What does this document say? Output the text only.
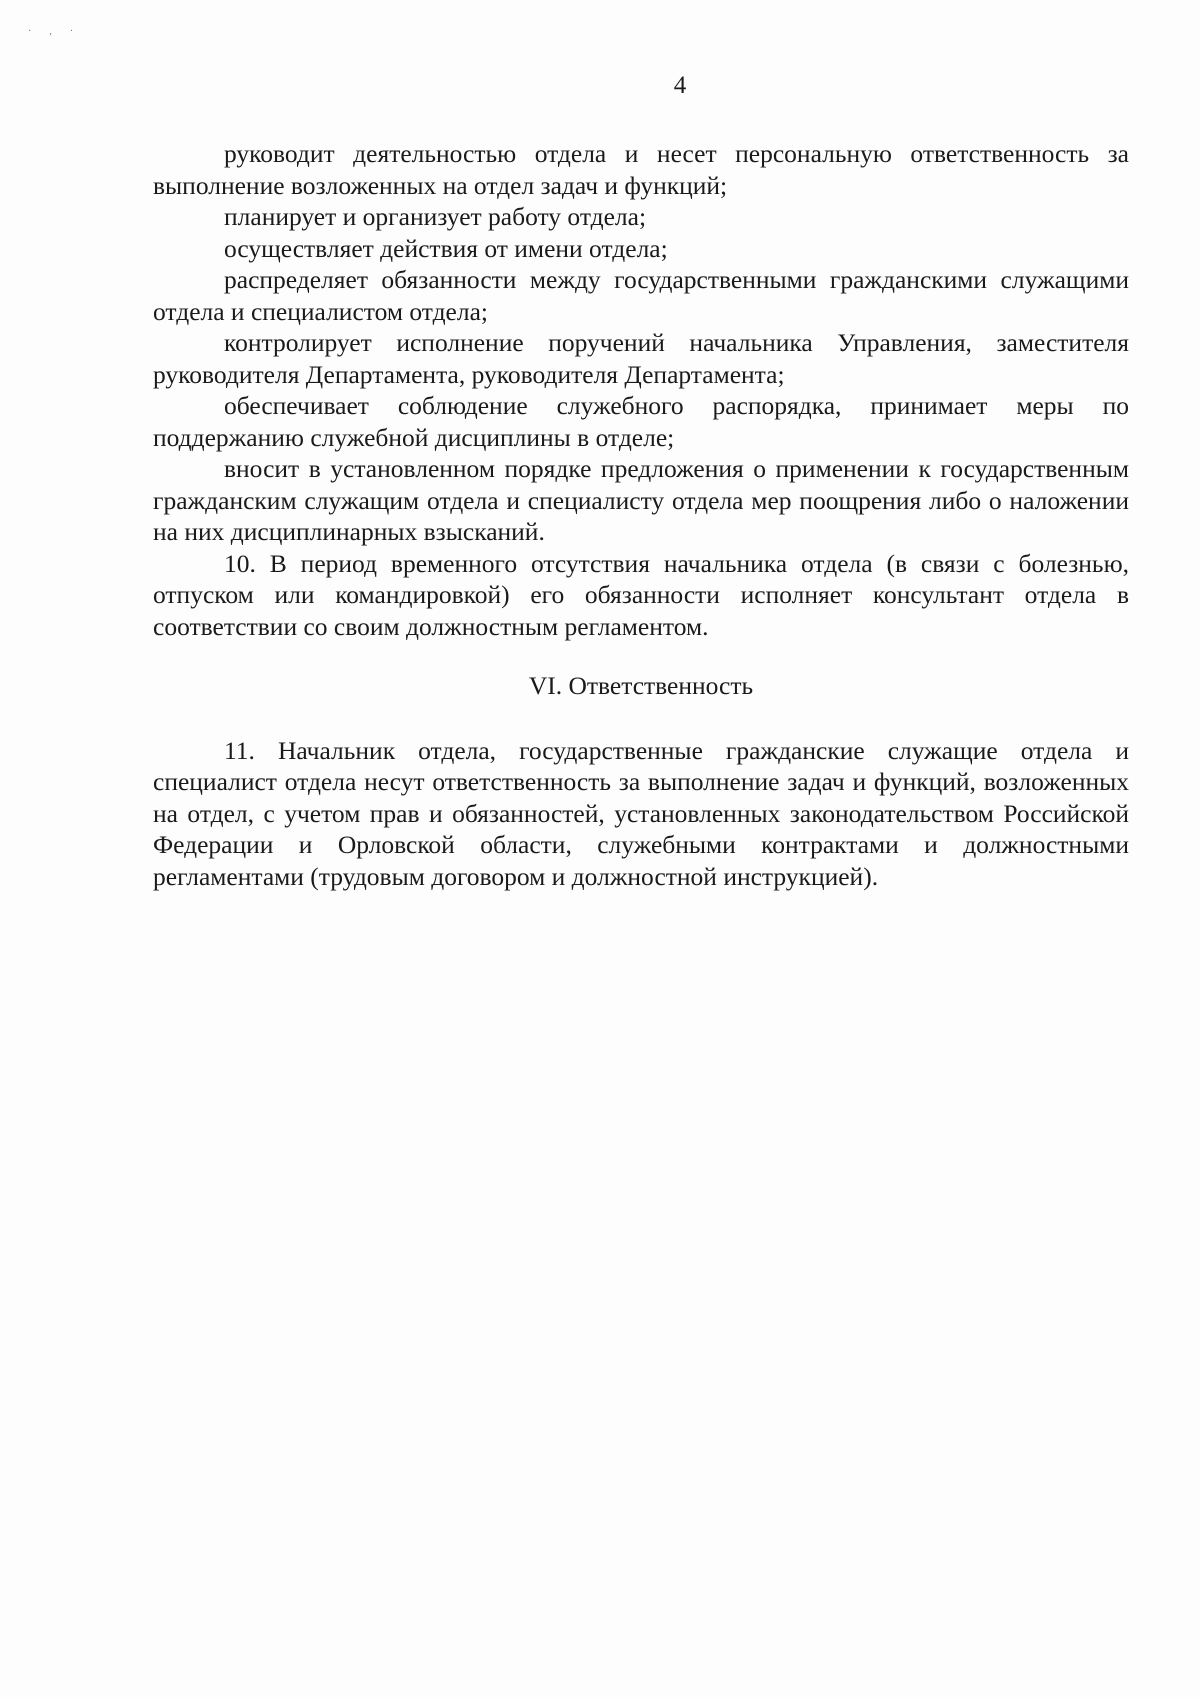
·,·
4

руководит деятельностью отдела и несет персональную ответственность за выполнение возложенных на отдел задач и функций;

планирует и организует работу отдела;

осуществляет действия от имени отдела;

распределяет обязанности между государственными гражданскими служащими отдела и специалистом отдела;

контролирует исполнение поручений начальника Управления, заместителя руководителя Департамента, руководителя Департамента;

обеспечивает соблюдение служебного распорядка, принимает меры по поддержанию служебной дисциплины в отделе;

вносит в установленном порядке предложения о применении к государственным гражданским служащим отдела и специалисту отдела мер поощрения либо о наложении на них дисциплинарных взысканий.

10. В период временного отсутствия начальника отдела (в связи с болезнью, отпуском или командировкой) его обязанности исполняет консультант отдела в соответствии со своим должностным регламентом.

VI. Ответственность

11. Начальник отдела, государственные гражданские служащие отдела и специалист отдела несут ответственность за выполнение задач и функций, возложенных на отдел, с учетом прав и обязанностей, установленных законодательством Российской Федерации и Орловской области, служебными контрактами и должностными регламентами (трудовым договором и должностной инструкцией).
